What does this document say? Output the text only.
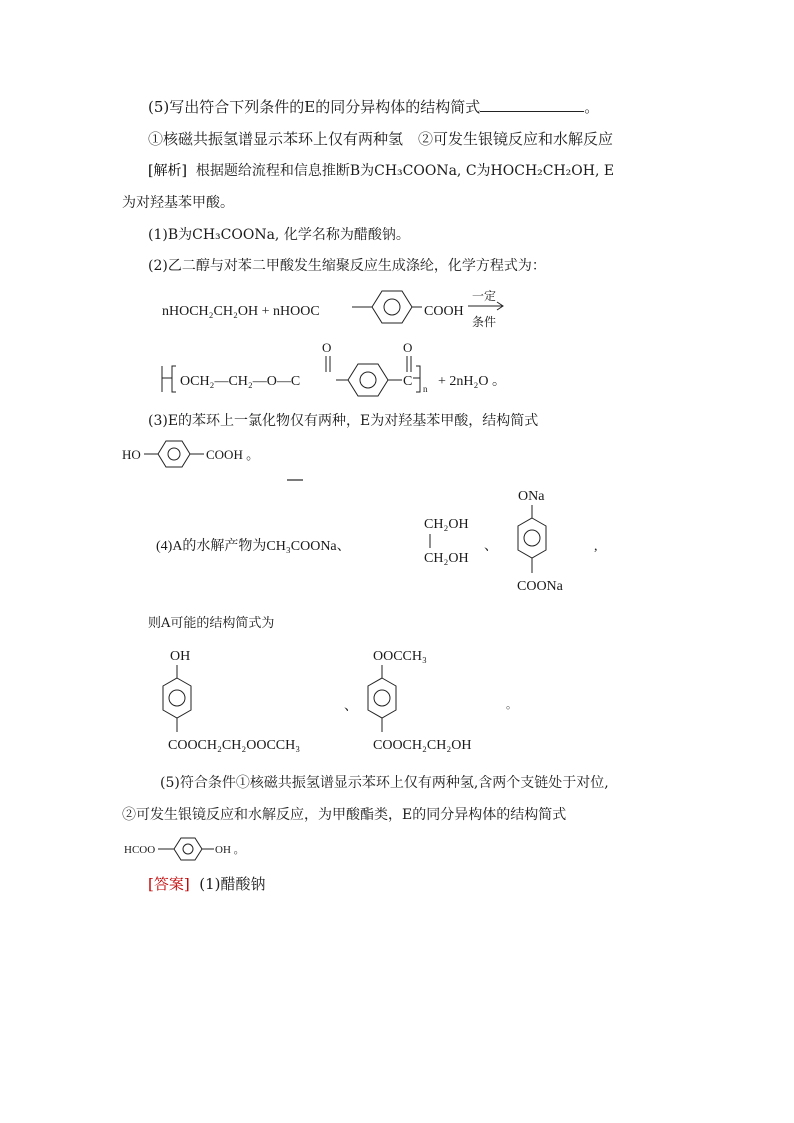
(5)写出符合下列条件的E的同分异构体的结构简式	。
①核磁共振氢谱显示苯环上仅有两种氢　②可发生银镜反应和水解反应
[解析] 根据题给流程和信息推断B为CH₃COONa, C为HOCH₂CH₂OH, E
为对羟基苯甲酸。
(1)B为CH₃COONa, 化学名称为醋酸钠。
(2)乙二醇与对苯二甲酸发生缩聚反应生成涤纶，化学方程式为：
nHOCH₂CH₂OH + nHOOC	COOH
一定
条件
OCH₂—CH₂—O—C
O
C
O
n + 2nH₂O 。
(3)E的苯环上一氯化物仅有两种，E为对羟基苯甲酸，结构简式
HO	COOH 。
(4)A的水解产物为CH₃COONa、
CH₂OH
CH₂OH
、
ONa
COONa
,
则A可能的结构简式为
OH
COOCH₂CH₂OOCCH₃
、
OOCCH₃
COOCH₂CH₂OH
。
(5)符合条件①核磁共振氢谱显示苯环上仅有两种氢,含两个支链处于对位,
②可发生银镜反应和水解反应，为甲酸酯类，E的同分异构体的结构简式
HCOO	OH 。
[答案] (1)醋酸钠
